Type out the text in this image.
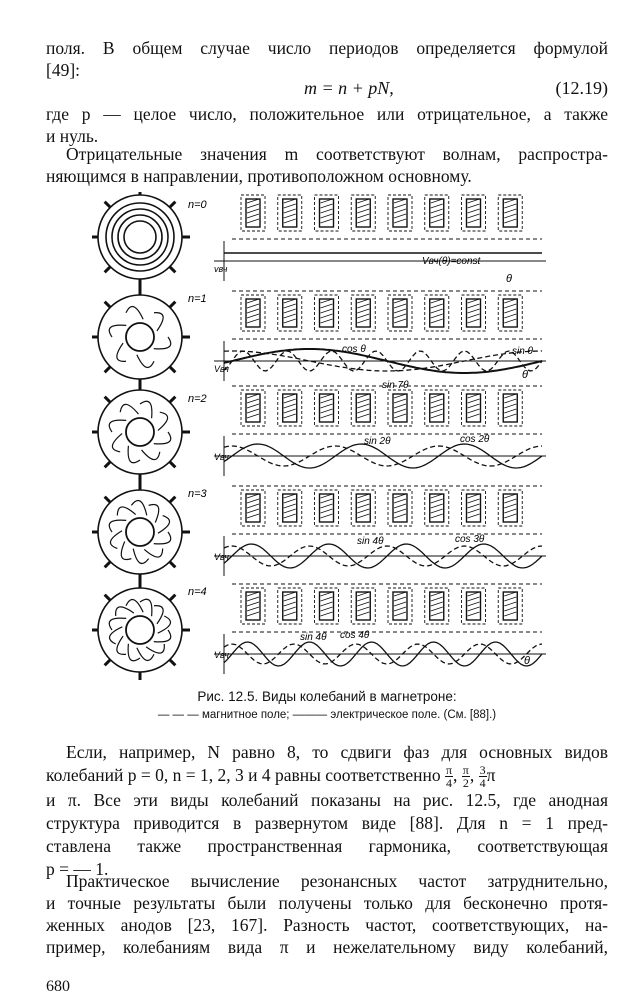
поля. В общем случае число периодов определяется формулой
[49]:

m = n + pN,	(12.19)

где p — целое число, положительное или отрицательное, а также
и нуль.

Отрицательные значения m соответствуют волнам, распростра-
няющимся в направлении, противоположном основному.

n=0
n=1
n=2
n=3
n=4
vвч
Vвч
Vвч
Vвч
Vвч
Vвч(θ)=const
θ
cos θ	sin θ
sin 7θ
θ
sin 2θ	cos 2θ
sin 4θ	cos 3θ
sin 4θ cos 4θ
θ
Рис. 12.5. Виды колебаний в магнетроне:
— — — магнитное поле; ——— электрическое поле. (См. [88].)

Если, например, N равно 8, то сдвиги фаз для основных видов
колебаний p = 0, n = 1, 2, 3 и 4 равны соответственно $\frac{\pi}{4}$ , $\frac{\pi}{2}$ , $\frac{3}{4}$ π
и π. Все эти виды колебаний показаны на рис. 12.5, где анодная
структура приводится в развернутом виде [88]. Для n = 1 пред-
ставлена также пространственная гармоника, соответствующая
p = — 1.

Практическое вычисление резонансных частот затруднительно,
и точные результаты были получены только для бесконечно протя-
женных анодов [23, 167]. Разность частот, соответствующих, на-
пример, колебаниям вида π и нежелательному виду колебаний,

680
